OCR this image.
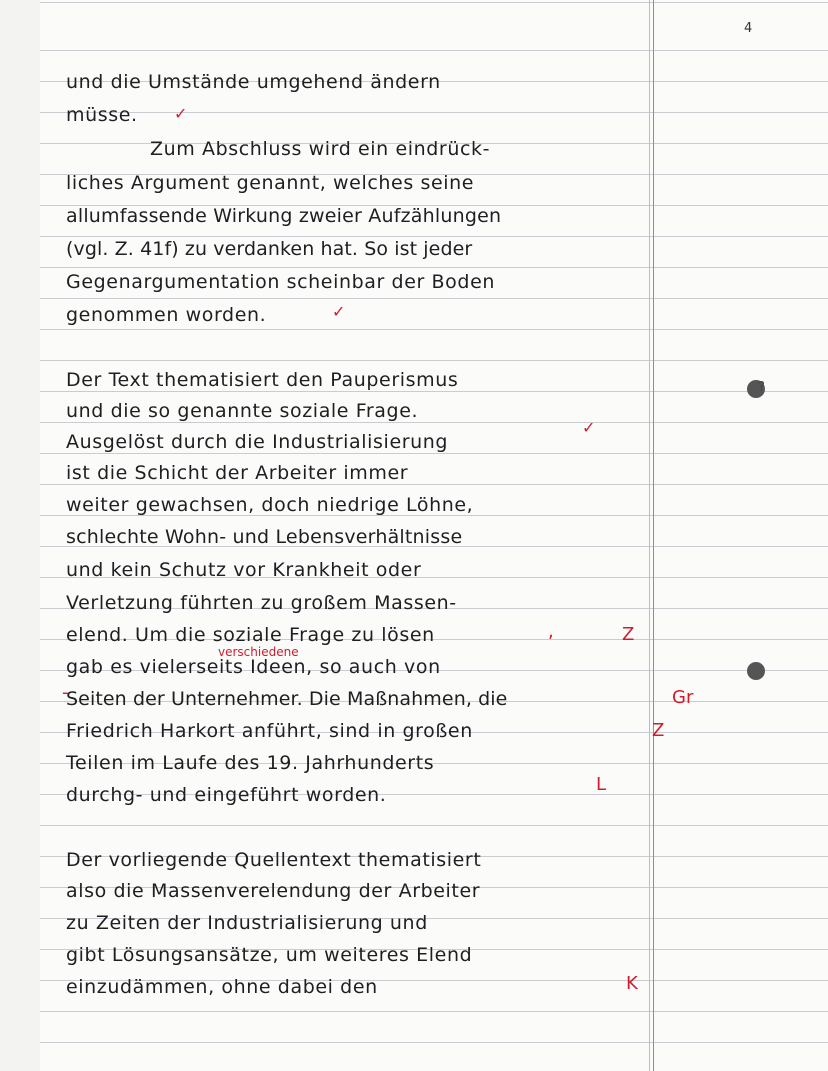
4
und die Umstände umgehend ändern
müsse.
Zum Abschluss wird ein eindrück-
liches Argument genannt, welches seine
allumfassende Wirkung zweier Aufzählungen
(vgl. Z. 41f) zu verdanken hat. So ist jeder
Gegenargumentation scheinbar der Boden
genommen worden.
Der Text thematisiert den Pauperismus
und die so genannte soziale Frage.
Ausgelöst durch die Industrialisierung
ist die Schicht der Arbeiter immer
weiter gewachsen, doch niedrige Löhne,
schlechte Wohn- und Lebensverhältnisse
und kein Schutz vor Krankheit oder
Verletzung führten zu großem Massen-
elend. Um die soziale Frage zu lösen
gab es vielerseits Ideen, so auch von
Seiten der Unternehmer. Die Maßnahmen, die
Friedrich Harkort anführt, sind in großen
Teilen im Laufe des 19. Jahrhunderts
durchg- und eingeführt worden.
Der vorliegende Quellentext thematisiert
also die Massenverelendung der Arbeiter
zu Zeiten der Industrialisierung und
gibt Lösungsansätze, um weiteres Elend
einzudämmen, ohne dabei den
✓
✓
✓
,	Z
verschiedene
Gr
-
Z
L
K
?
